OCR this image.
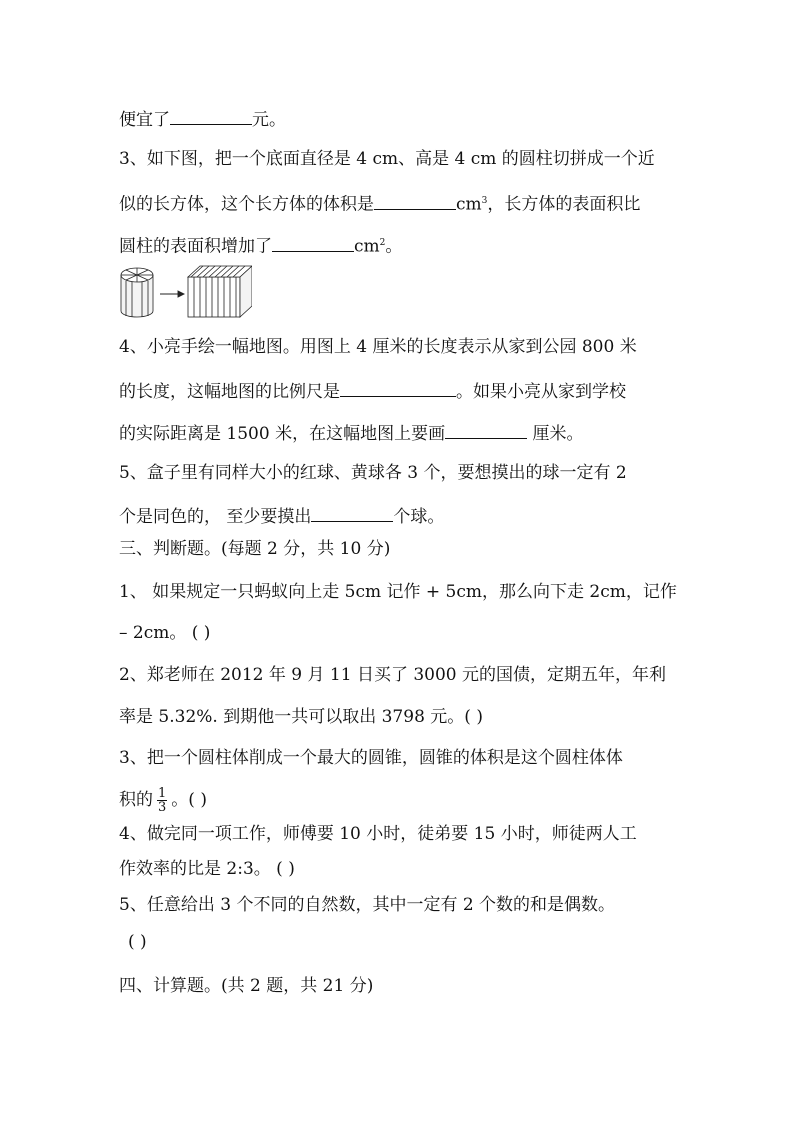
便宜了	元。
3、如下图，把一个底面直径是 4 cm、高是 4 cm 的圆柱切拼成一个近
似的长方体，这个长方体的体积是	$cm^3$，长方体的表面积比
圆柱的表面积增加了	$cm^2$。
4、小亮手绘一幅地图。用图上 4 厘米的长度表示从家到公园 800 米
的长度，这幅地图的比例尺是	。如果小亮从家到学校
的实际距离是 1500 米，在这幅地图上要画	厘米。
5、盒子里有同样大小的红球、黄球各 3 个，要想摸出的球一定有 2
个是同色的， 至少要摸出	个球。
三、判断题。(每题 2 分，共 10 分)
1、 如果规定一只蚂蚁向上走 5cm 记作 + 5cm，那么向下走 2cm，记作
– 2cm。 ( )
2、郑老师在 2012 年 9 月 11 日买了 3000 元的国债，定期五年，年利
率是 5.32%. 到期他一共可以取出 3798 元。( )
3、把一个圆柱体削成一个最大的圆锥，圆锥的体积是这个圆柱体体
积的 $\frac{1}{3}$ 。( )
4、做完同一项工作，师傅要 10 小时，徒弟要 15 小时，师徒两人工
作效率的比是 2:3。 ( )
5、任意给出 3 个不同的自然数，其中一定有 2 个数的和是偶数。
( )
四、计算题。(共 2 题，共 21 分)
